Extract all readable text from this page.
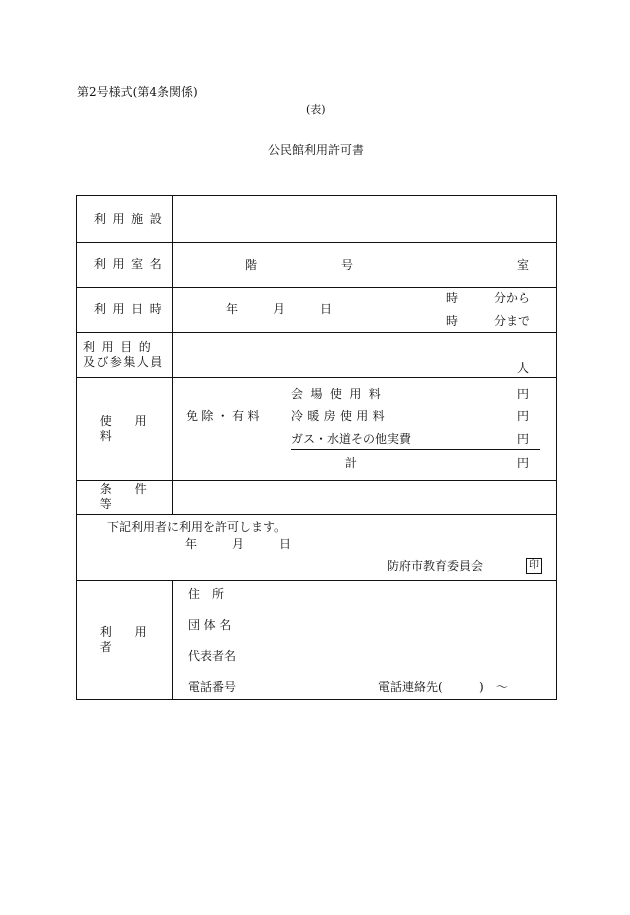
第2号様式(第4条関係)
(表)
公民館利用許可書
利用施設
利用室名	階	号	室
利用日時	年	月	日
時	分から
時	分まで
利用目的
及び参集人員	人
使用料
免除・有料
会場使用料	円
冷暖房使用料	円
ガス・水道その他実費	円
計	円
条件等
下記利用者に利用を許可します。
年	月	日
防府市教育委員会	印
利用者
住　所
団体名
代表者名
電話番号	電話連絡先(	) ～
